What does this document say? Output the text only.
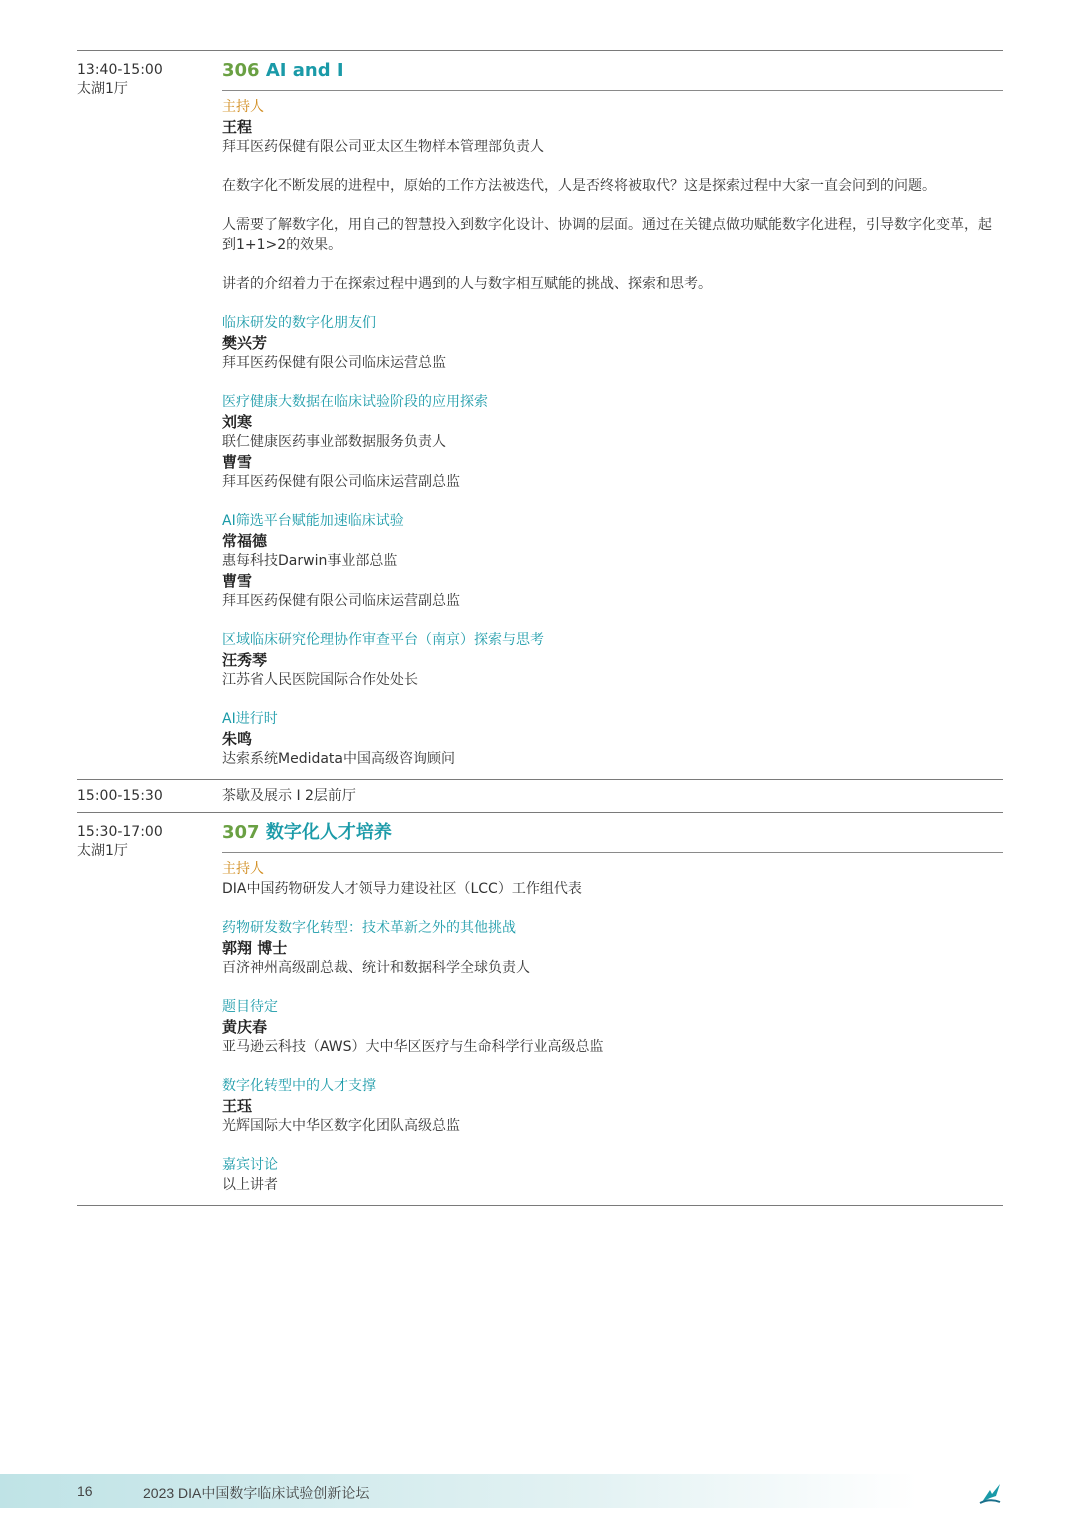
13:40-15:00
太湖1厅
306 AI and I
主持人
王程
拜耳医药保健有限公司亚太区生物样本管理部负责人
在数字化不断发展的进程中，原始的工作方法被迭代，人是否终将被取代？这是探索过程中大家一直会问到的问题。
人需要了解数字化，用自己的智慧投入到数字化设计、协调的层面。通过在关键点做功赋能数字化进程，引导数字化变革，起到1+1>2的效果。
讲者的介绍着力于在探索过程中遇到的人与数字相互赋能的挑战、探索和思考。
临床研发的数字化朋友们
樊兴芳
拜耳医药保健有限公司临床运营总监
医疗健康大数据在临床试验阶段的应用探索
刘寒
联仁健康医药事业部数据服务负责人
曹雪
拜耳医药保健有限公司临床运营副总监
AI筛选平台赋能加速临床试验
常福德
惠每科技Darwin事业部总监
曹雪
拜耳医药保健有限公司临床运营副总监
区域临床研究伦理协作审查平台（南京）探索与思考
汪秀琴
江苏省人民医院国际合作处处长
AI进行时
朱鸣
达索系统Medidata中国高级咨询顾问
15:00-15:30	茶歇及展示 I 2层前厅
15:30-17:00
太湖1厅
307 数字化人才培养
主持人
DIA中国药物研发人才领导力建设社区（LCC）工作组代表
药物研发数字化转型：技术革新之外的其他挑战
郭翔 博士
百济神州高级副总裁、统计和数据科学全球负责人
题目待定
黄庆春
亚马逊云科技（AWS）大中华区医疗与生命科学行业高级总监
数字化转型中的人才支撑
王珏
光辉国际大中华区数字化团队高级总监
嘉宾讨论
以上讲者
16	2023 DIA中国数字临床试验创新论坛
